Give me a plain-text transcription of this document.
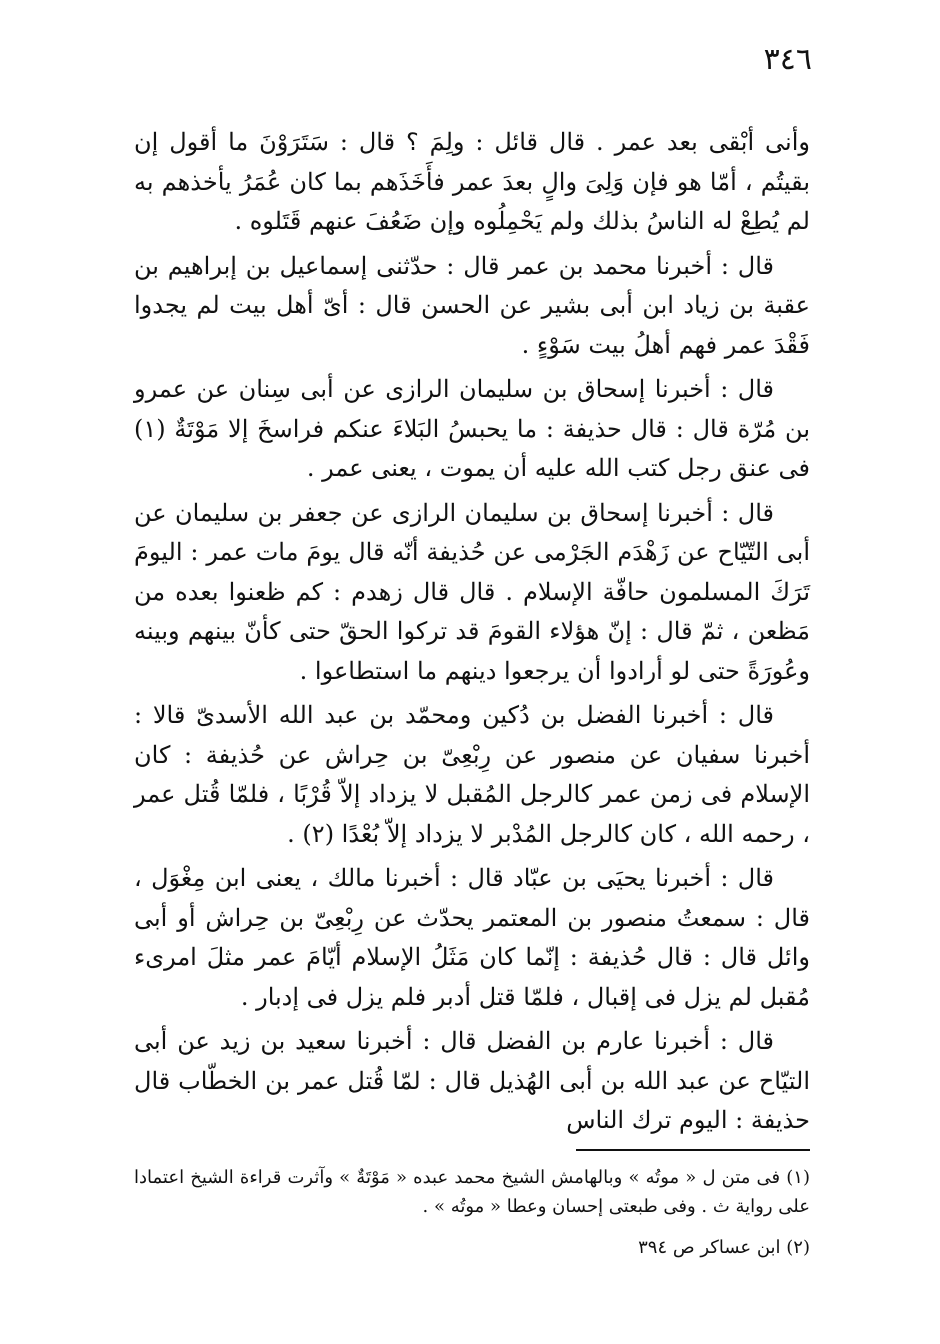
٣٤٦

وأنى أبْقى بعد عمر . قال قائل : ولِمَ ؟ قال : سَتَرَوْنَ ما أقول إن بقيتُم ، أمّا هو فإن وَلِىَ والٍ بعدَ عمر فأَخَذَهم بما كان عُمَرُ يأخذهم به لم يُطِعْ له الناسُ بذلك ولم يَحْمِلُوه وإن ضَعُفَ عنهم قَتَلوه .

قال : أخبرنا محمد بن عمر قال : حدّثنى إسماعيل بن إبراهيم بن عقبة بن زياد ابن أبى بشير عن الحسن قال : أىّ أهل بيت لم يجدوا فَقْدَ عمر فهم أهلُ بيت سَوْءٍ .

قال : أخبرنا إسحاق بن سليمان الرازى عن أبى سِنان عن عمرو بن مُرّة قال : قال حذيفة : ما يحبسُ البَلاءَ عنكم فراسخَ إلا مَوْتَةٌ (١) فى عنق رجل كتب الله عليه أن يموت ، يعنى عمر .

قال : أخبرنا إسحاق بن سليمان الرازى عن جعفر بن سليمان عن أبى التّيّاح عن زَهْدَم الجَرْمى عن حُذيفة أنّه قال يومَ مات عمر : اليومَ تَرَكَ المسلمون حافّة الإسلام . قال قال زهدم : كم ظعنوا بعده من مَظعن ، ثمّ قال : إنّ هؤلاء القومَ قد تركوا الحقّ حتى كأنّ بينهم وبينه وعُورَةً حتى لو أرادوا أن يرجعوا دينهم ما استطاعوا .

قال : أخبرنا الفضل بن دُكين ومحمّد بن عبد الله الأسدىّ قالا : أخبرنا سفيان عن منصور عن رِبْعِىّ بن حِراش عن حُذيفة : كان الإسلام فى زمن عمر كالرجل المُقبل لا يزداد إلاّ قُرْبًا ، فلمّا قُتل عمر ، رحمه الله ، كان كالرجل المُدْبر لا يزداد إلاّ بُعْدًا (٢) .

قال : أخبرنا يحيَى بن عبّاد قال : أخبرنا مالك ، يعنى ابن مِغْوَل ، قال : سمعتُ منصور بن المعتمر يحدّث عن رِبْعِىّ بن حِراش أو أبى وائل قال : قال حُذيفة : إنّما كان مَثَلُ الإسلام أيّامَ عمر مثلَ امرىء مُقبل لم يزل فى إقبال ، فلمّا قتل أدبر فلم يزل فى إدبار .

قال : أخبرنا عارم بن الفضل قال : أخبرنا سعيد بن زيد عن أبى التيّاح عن عبد الله بن أبى الهُذيل قال : لمّا قُتل عمر بن الخطّاب قال حذيفة : اليوم ترك الناس

(١) فى متن ل « موتُه » وبالهامش الشيخ محمد عبده « مَوْتَةٌ » وآثرت قراءة الشيخ اعتمادا على رواية ث . وفى طبعتى إحسان وعطا « موتُه » .

(٢) ابن عساكر ص ٣٩٤
